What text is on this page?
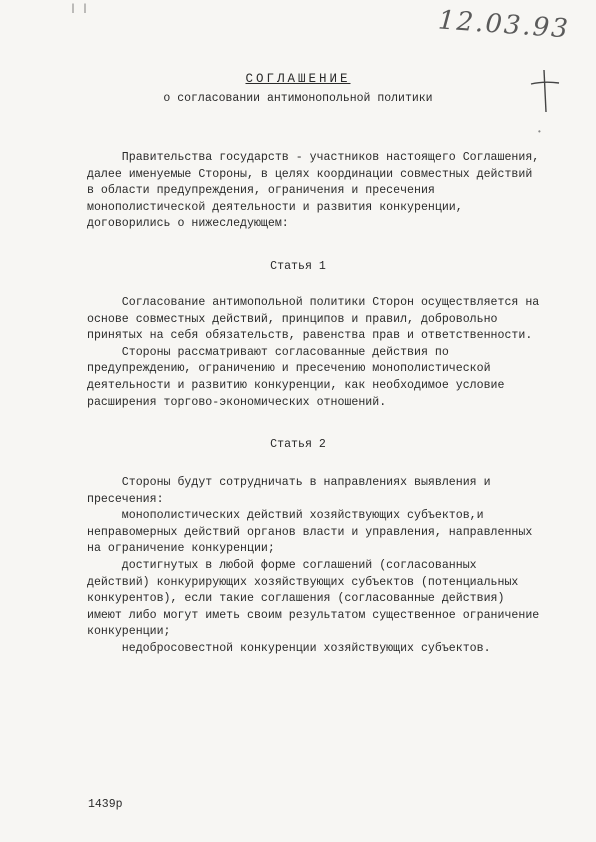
| |	12.03.93
•
СОГЛАШЕНИЕ
о согласовании антимонопольной политики

Правительства государств - участников настоящего Соглашения,

далее именуемые Стороны, в целях координации совместных действий

в области предупреждения, ограничения и пресечения

монополистической деятельности и развития конкуренции,

договорились о нижеследующем:

Статья 1

Согласование антимопольной политики Сторон осуществляется на

основе совместных действий, принципов и правил, добровольно

принятых на себя обязательств, равенства прав и ответственности.

Стороны рассматривают согласованные действия по

предупреждению, ограничению и пресечению монополистической

деятельности и развитию конкуренции, как необходимое условие

расширения торгово-экономических отношений.

Статья 2

Стороны будут сотрудничать в направлениях выявления и

пресечения:

монополистических действий хозяйствующих субъектов,и

неправомерных действий органов власти и управления, направленных

на ограничение конкуренции;

достигнутых в любой форме соглашений (согласованных

действий) конкурирующих хозяйствующих субъектов (потенциальных

конкурентов), если такие соглашения (согласованные действия)

имеют либо могут иметь своим результатом существенное ограничение

конкуренции;

недобросовестной конкуренции хозяйствующих субъектов.

1439р
